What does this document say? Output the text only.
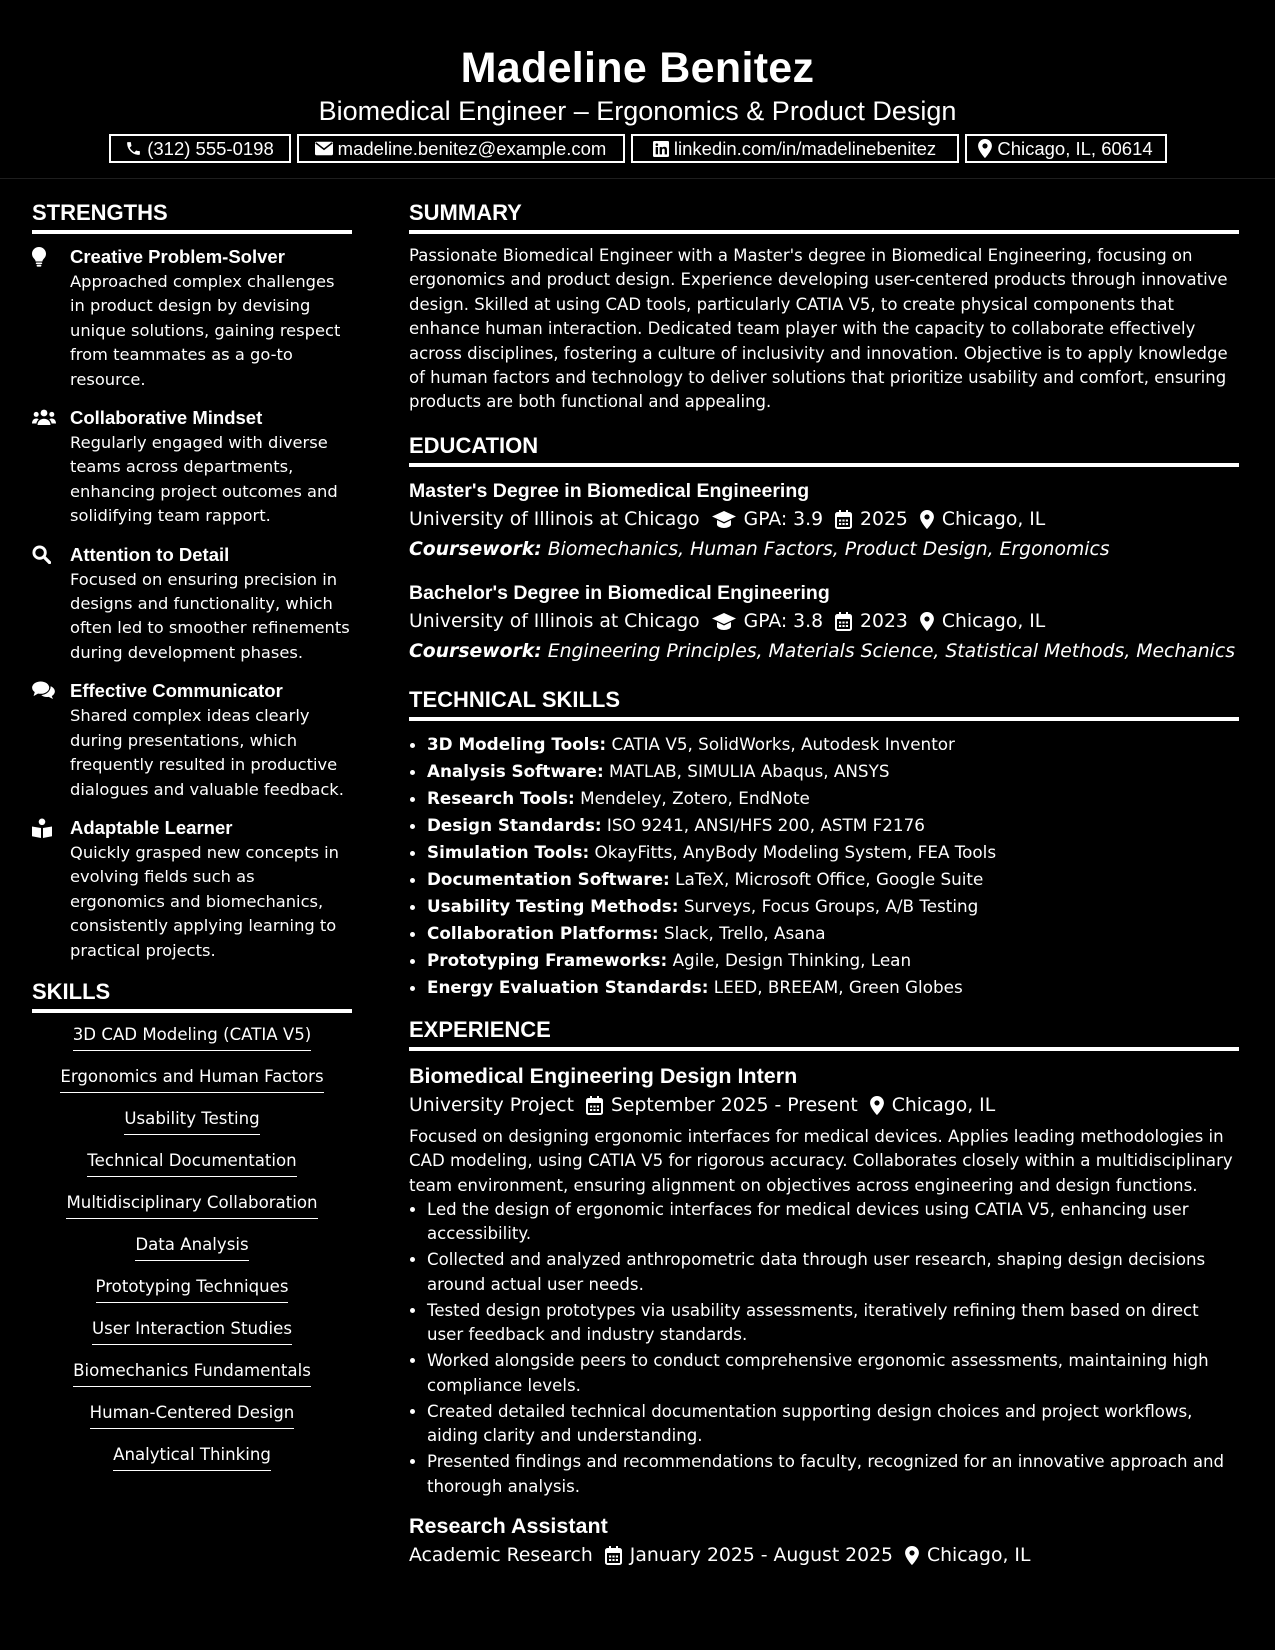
Madeline Benitez
Biomedical Engineer – Ergonomics & Product Design
(312) 555-0198	madeline.benitez@example.com	linkedin.com/in/madelinebenitez	Chicago, IL, 60614
STRENGTHS
Creative Problem-Solver
Approached complex challenges in product design by devising unique solutions, gaining respect from teammates as a go-to resource.
Collaborative Mindset
Regularly engaged with diverse teams across departments, enhancing project outcomes and solidifying team rapport.
Attention to Detail
Focused on ensuring precision in designs and functionality, which often led to smoother refinements during development phases.
Effective Communicator
Shared complex ideas clearly during presentations, which frequently resulted in productive dialogues and valuable feedback.
Adaptable Learner
Quickly grasped new concepts in evolving fields such as ergonomics and biomechanics, consistently applying learning to practical projects.
SKILLS
3D CAD Modeling (CATIA V5)
Ergonomics and Human Factors
Usability Testing
Technical Documentation
Multidisciplinary Collaboration
Data Analysis
Prototyping Techniques
User Interaction Studies
Biomechanics Fundamentals
Human-Centered Design
Analytical Thinking
SUMMARY
Passionate Biomedical Engineer with a Master's degree in Biomedical Engineering, focusing on ergonomics and product design. Experience developing user-centered products through innovative design. Skilled at using CAD tools, particularly CATIA V5, to create physical components that enhance human interaction. Dedicated team player with the capacity to collaborate effectively across disciplines, fostering a culture of inclusivity and innovation. Objective is to apply knowledge of human factors and technology to deliver solutions that prioritize usability and comfort, ensuring products are both functional and appealing.
EDUCATION
Master's Degree in Biomedical Engineering
University of Illinois at Chicago GPA: 3.9 2025 Chicago, IL
Coursework: Biomechanics, Human Factors, Product Design, Ergonomics
Bachelor's Degree in Biomedical Engineering
University of Illinois at Chicago GPA: 3.8 2023 Chicago, IL
Coursework: Engineering Principles, Materials Science, Statistical Methods, Mechanics
TECHNICAL SKILLS
• 3D Modeling Tools: CATIA V5, SolidWorks, Autodesk Inventor
• Analysis Software: MATLAB, SIMULIA Abaqus, ANSYS
• Research Tools: Mendeley, Zotero, EndNote
• Design Standards: ISO 9241, ANSI/HFS 200, ASTM F2176
• Simulation Tools: OkayFitts, AnyBody Modeling System, FEA Tools
• Documentation Software: LaTeX, Microsoft Office, Google Suite
• Usability Testing Methods: Surveys, Focus Groups, A/B Testing
• Collaboration Platforms: Slack, Trello, Asana
• Prototyping Frameworks: Agile, Design Thinking, Lean
• Energy Evaluation Standards: LEED, BREEAM, Green Globes
EXPERIENCE
Biomedical Engineering Design Intern
University Project September 2025 - Present Chicago, IL
Focused on designing ergonomic interfaces for medical devices. Applies leading methodologies in CAD modeling, using CATIA V5 for rigorous accuracy. Collaborates closely within a multidisciplinary team environment, ensuring alignment on objectives across engineering and design functions.
• Led the design of ergonomic interfaces for medical devices using CATIA V5, enhancing user accessibility.
• Collected and analyzed anthropometric data through user research, shaping design decisions around actual user needs.
• Tested design prototypes via usability assessments, iteratively refining them based on direct user feedback and industry standards.
• Worked alongside peers to conduct comprehensive ergonomic assessments, maintaining high compliance levels.
• Created detailed technical documentation supporting design choices and project workflows, aiding clarity and understanding.
• Presented findings and recommendations to faculty, recognized for an innovative approach and thorough analysis.
Research Assistant
Academic Research January 2025 - August 2025 Chicago, IL
